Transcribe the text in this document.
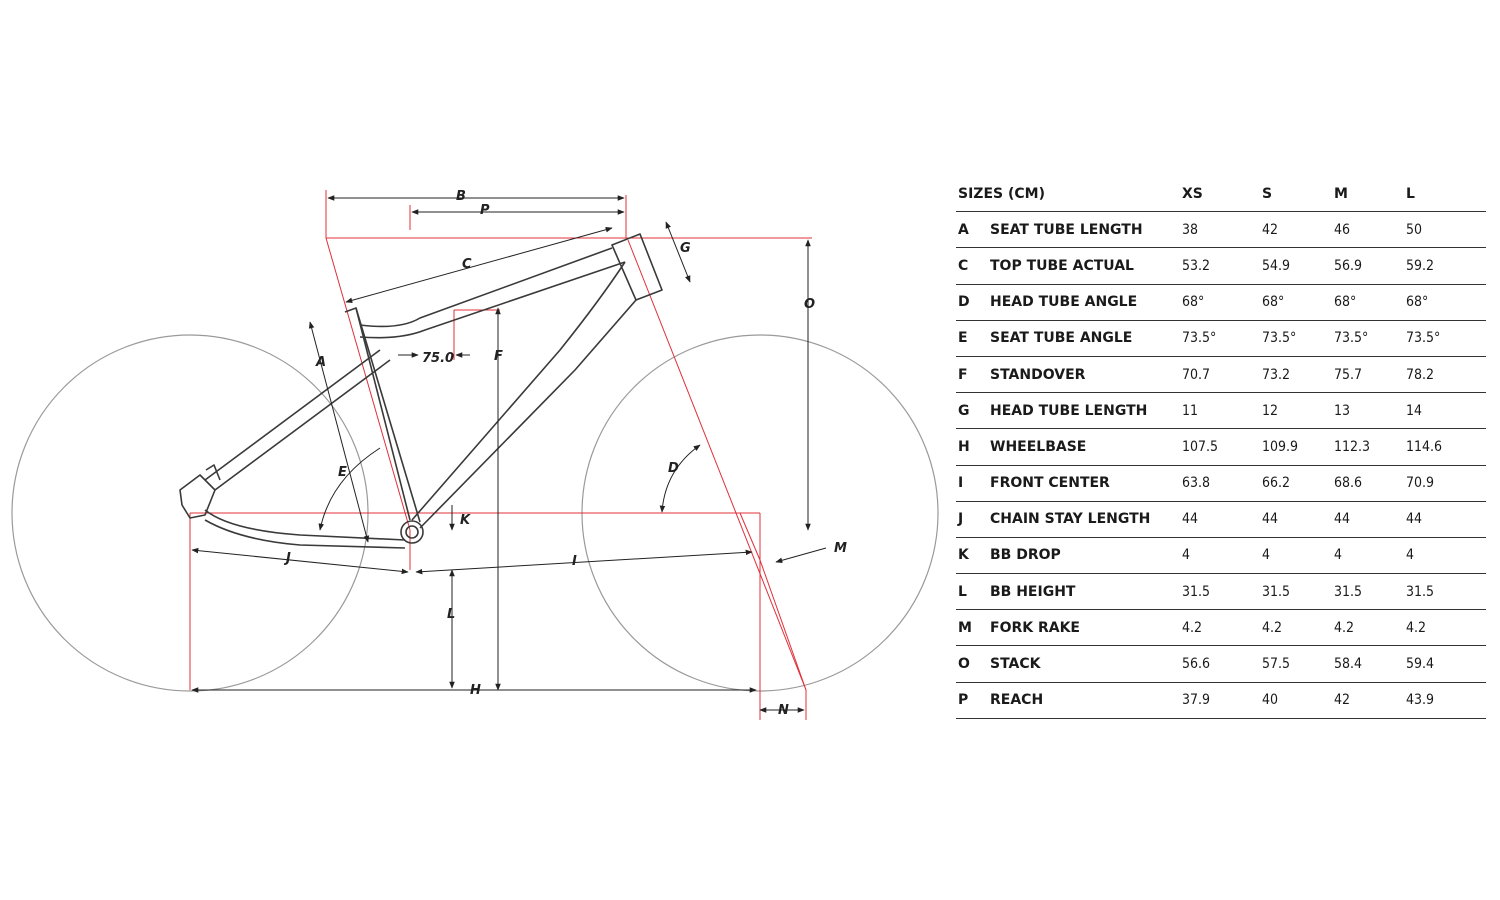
B
P
C
G
O
A	F
75.0
E	D
K
J	I
M
L
H
N
SIZES (CM)		XS	S	M	L
A	SEAT TUBE LENGTH	38	42	46	50
C	TOP TUBE ACTUAL	53.2	54.9	56.9	59.2
D	HEAD TUBE ANGLE	68°	68°	68°	68°
E	SEAT TUBE ANGLE	73.5°	73.5°	73.5°	73.5°
F	STANDOVER	70.7	73.2	75.7	78.2
G	HEAD TUBE LENGTH	11	12	13	14
H	WHEELBASE	107.5	109.9	112.3	114.6
I	FRONT CENTER	63.8	66.2	68.6	70.9
J	CHAIN STAY LENGTH	44	44	44	44
K	BB DROP	4	4	4	4
L	BB HEIGHT	31.5	31.5	31.5	31.5
M	FORK RAKE	4.2	4.2	4.2	4.2
O	STACK	56.6	57.5	58.4	59.4
P	REACH	37.9	40	42	43.9
